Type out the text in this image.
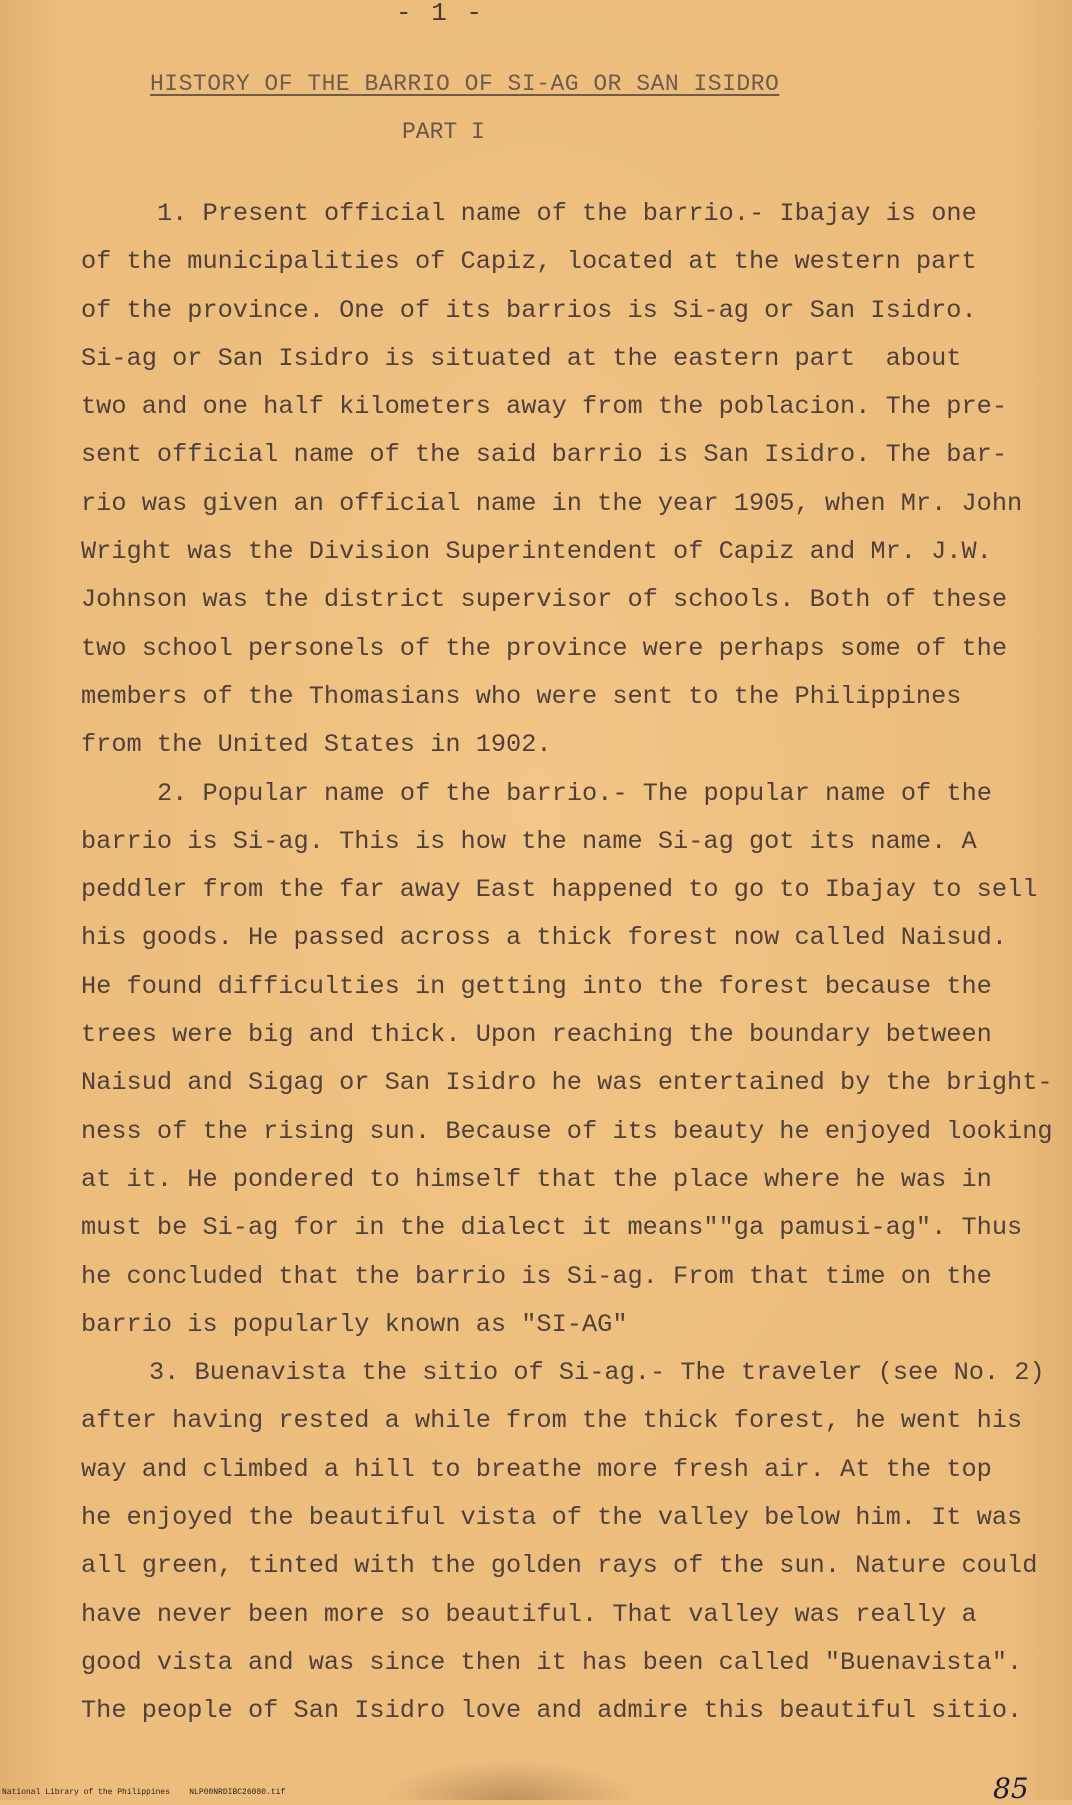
- 1 -
HISTORY OF THE BARRIO OF SI-AG OR SAN ISIDRO
PART I
1. Present official name of the barrio.- Ibajay is one
of the municipalities of Capiz, located at the western part
of the province. One of its barrios is Si-ag or San Isidro.
Si-ag or San Isidro is situated at the eastern part  about
two and one half kilometers away from the poblacion. The pre-
sent official name of the said barrio is San Isidro. The bar-
rio was given an official name in the year 1905, when Mr. John
Wright was the Division Superintendent of Capiz and Mr. J.W.
Johnson was the district supervisor of schools. Both of these
two school personels of the province were perhaps some of the
members of the Thomasians who were sent to the Philippines
from the United States in 1902.
2. Popular name of the barrio.- The popular name of the
barrio is Si-ag. This is how the name Si-ag got its name. A
peddler from the far away East happened to go to Ibajay to sell
his goods. He passed across a thick forest now called Naisud.
He found difficulties in getting into the forest because the
trees were big and thick. Upon reaching the boundary between
Naisud and Sigag or San Isidro he was entertained by the bright-
ness of the rising sun. Because of its beauty he enjoyed looking
at it. He pondered to himself that the place where he was in
must be Si-ag for in the dialect it means""ga pamusi-ag". Thus
he concluded that the barrio is Si-ag. From that time on the
barrio is popularly known as "SI-AG"
3. Buenavista the sitio of Si-ag.- The traveler (see No. 2)
after having rested a while from the thick forest, he went his
way and climbed a hill to breathe more fresh air. At the top
he enjoyed the beautiful vista of the valley below him. It was
all green, tinted with the golden rays of the sun. Nature could
have never been more so beautiful. That valley was really a
good vista and was since then it has been called "Buenavista".
The people of San Isidro love and admire this beautiful sitio.
National Library of the Philippines    NLP00NRDIBC26080.tif	85
